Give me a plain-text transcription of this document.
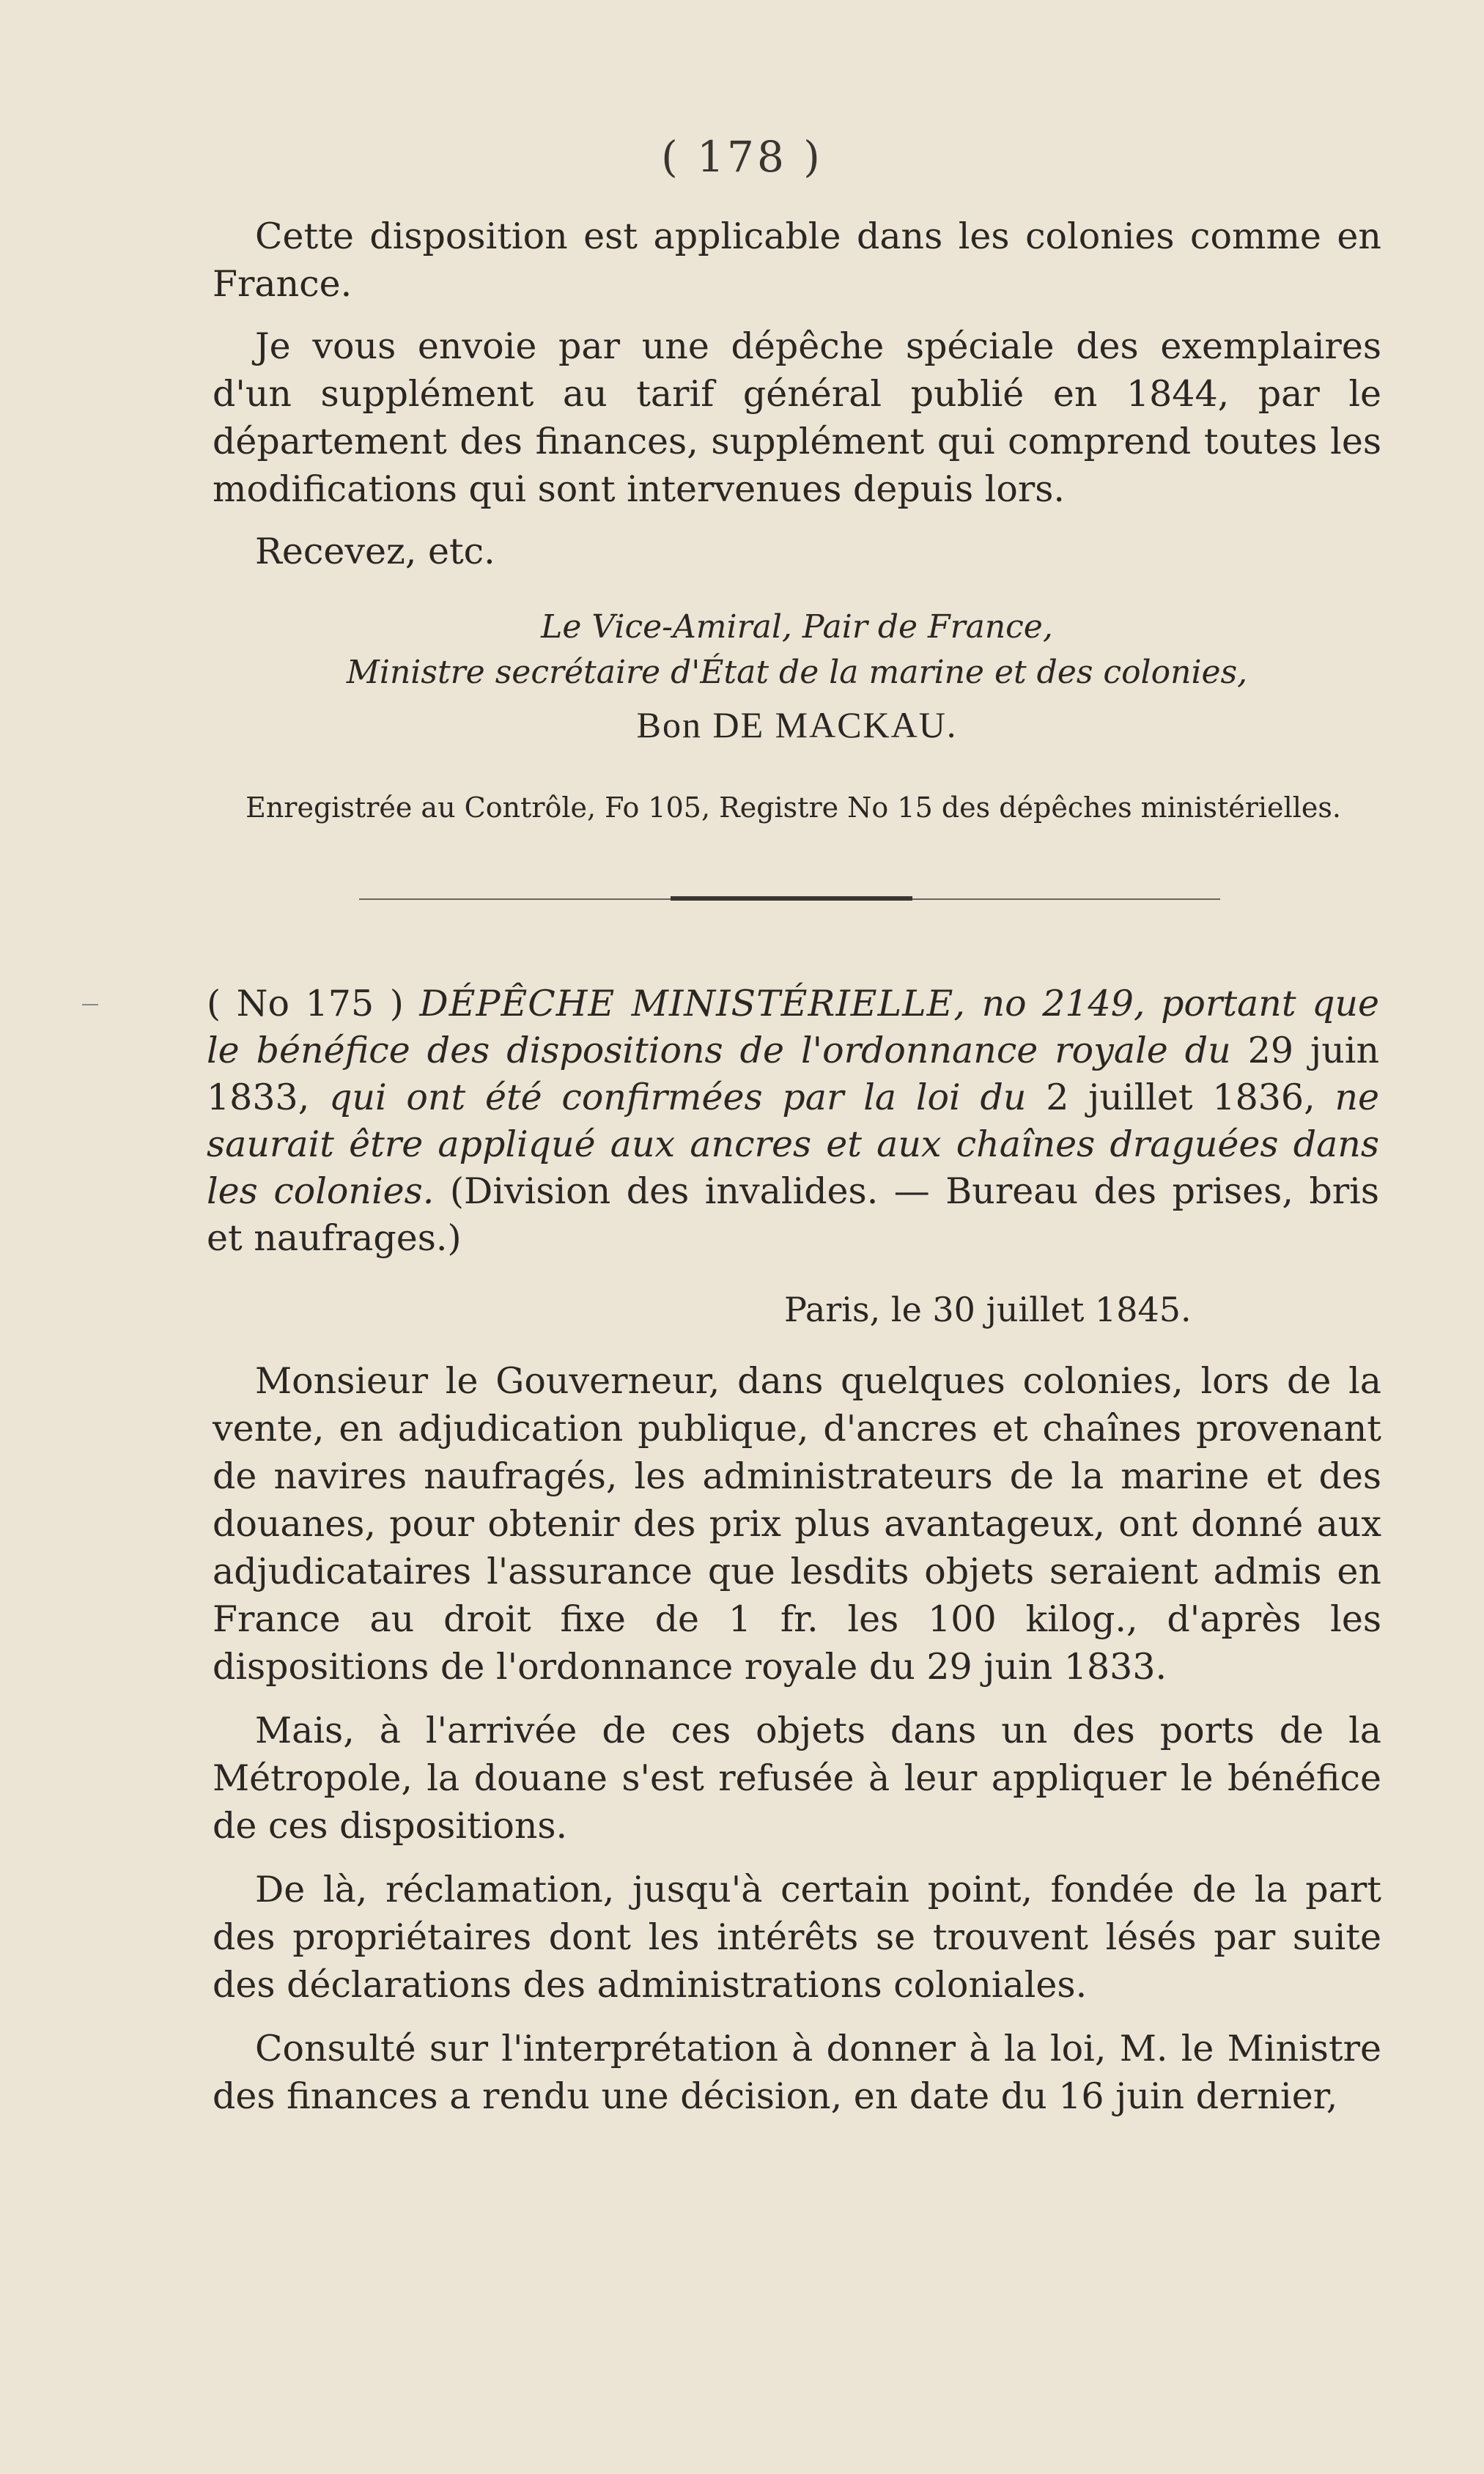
( 178 )

Cette disposition est applicable dans les colonies comme en France.

Je vous envoie par une dépêche spéciale des exemplaires d'un supplément au tarif général publié en 1844, par le département des finances, supplément qui comprend toutes les modifications qui sont intervenues depuis lors.

Recevez, etc.

Le Vice-Amiral, Pair de France,

Ministre secrétaire d'État de la marine et des colonies,

Bon DE MACKAU.

Enregistrée au Contrôle, Fo 105, Registre No 15 des dépêches ministérielles.

( No 175 ) DÉPÊCHE MINISTÉRIELLE, no 2149, portant que le bénéfice des dispositions de l'ordonnance royale du 29 juin 1833, qui ont été confirmées par la loi du 2 juillet 1836, ne saurait être appliqué aux ancres et aux chaînes draguées dans les colonies. (Division des invalides. — Bureau des prises, bris et naufrages.)

Paris, le 30 juillet 1845.

Monsieur le Gouverneur, dans quelques colonies, lors de la vente, en adjudication publique, d'ancres et chaînes provenant de navires naufragés, les administrateurs de la marine et des douanes, pour obtenir des prix plus avantageux, ont donné aux adjudicataires l'assurance que lesdits objets seraient admis en France au droit fixe de 1 fr. les 100 kilog., d'après les dispositions de l'ordonnance royale du 29 juin 1833.

Mais, à l'arrivée de ces objets dans un des ports de la Métropole, la douane s'est refusée à leur appliquer le bénéfice de ces dispositions.

De là, réclamation, jusqu'à certain point, fondée de la part des propriétaires dont les intérêts se trouvent lésés par suite des déclarations des administrations coloniales.

Consulté sur l'interprétation à donner à la loi, M. le Ministre des finances a rendu une décision, en date du 16 juin dernier,
